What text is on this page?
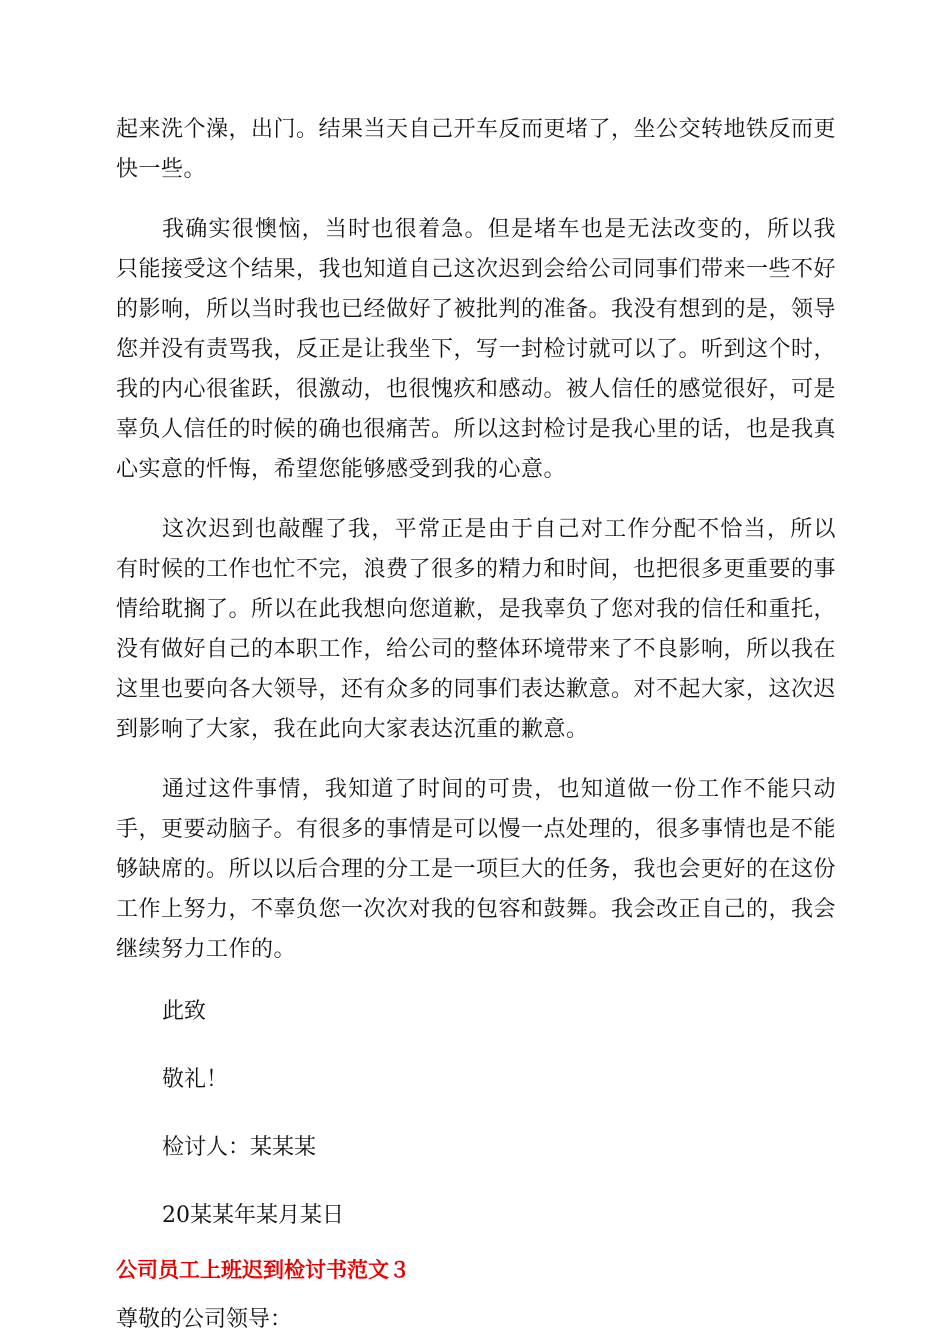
起来洗个澡，出门。结果当天自己开车反而更堵了，坐公交转地铁反而更快一些。

我确实很懊恼，当时也很着急。但是堵车也是无法改变的，所以我只能接受这个结果，我也知道自己这次迟到会给公司同事们带来一些不好的影响，所以当时我也已经做好了被批判的准备。我没有想到的是，领导您并没有责骂我，反正是让我坐下，写一封检讨就可以了。听到这个时，我的内心很雀跃，很激动，也很愧疚和感动。被人信任的感觉很好，可是辜负人信任的时候的确也很痛苦。所以这封检讨是我心里的话，也是我真心实意的忏悔，希望您能够感受到我的心意。

这次迟到也敲醒了我，平常正是由于自己对工作分配不恰当，所以有时候的工作也忙不完，浪费了很多的精力和时间，也把很多更重要的事情给耽搁了。所以在此我想向您道歉，是我辜负了您对我的信任和重托，没有做好自己的本职工作，给公司的整体环境带来了不良影响，所以我在这里也要向各大领导，还有众多的同事们表达歉意。对不起大家，这次迟到影响了大家，我在此向大家表达沉重的歉意。

通过这件事情，我知道了时间的可贵，也知道做一份工作不能只动手，更要动脑子。有很多的事情是可以慢一点处理的，很多事情也是不能够缺席的。所以以后合理的分工是一项巨大的任务，我也会更好的在这份工作上努力，不辜负您一次次对我的包容和鼓舞。我会改正自己的，我会继续努力工作的。

此致

敬礼！

检讨人：某某某

20某某年某月某日

公司员工上班迟到检讨书范文３

尊敬的公司领导：
